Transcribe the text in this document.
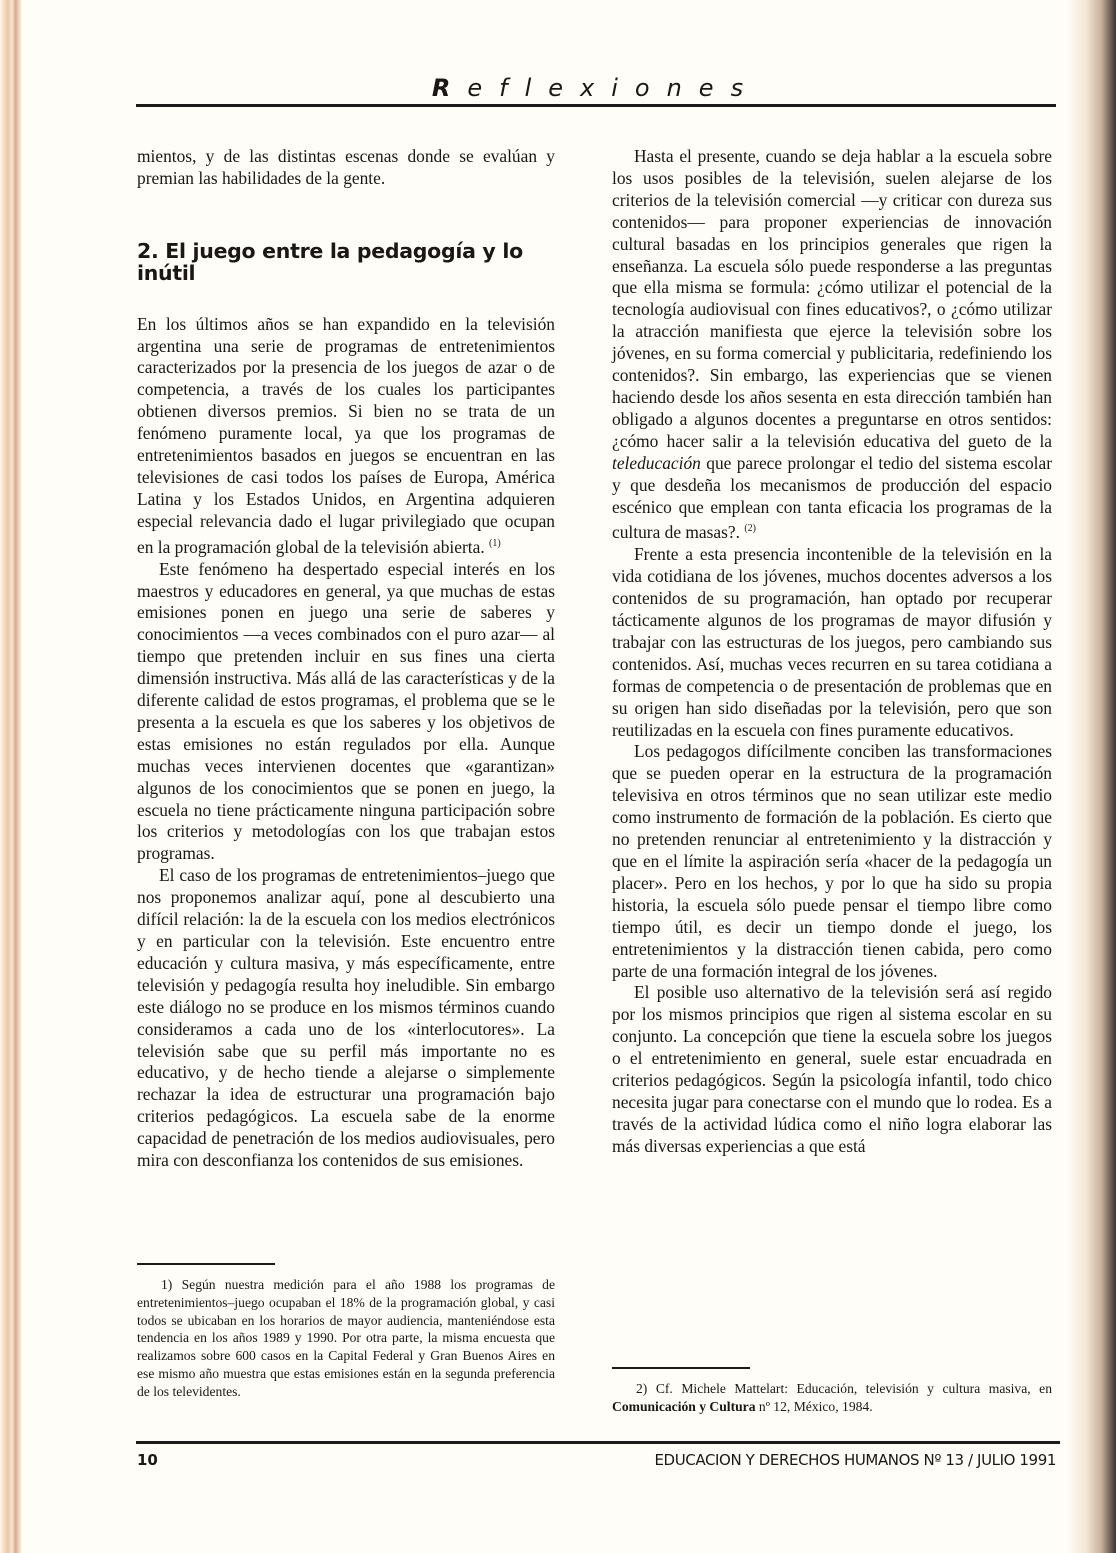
Reflexiones

mientos, y de las distintas escenas donde se evalúan y premian las habilidades de la gente.

2. El juego entre la pedagogía y lo inútil

En los últimos años se han expandido en la televisión argentina una serie de programas de entretenimientos caracterizados por la presencia de los juegos de azar o de competencia, a través de los cuales los participantes obtienen diversos premios. Si bien no se trata de un fenómeno puramente local, ya que los programas de entretenimientos basados en juegos se encuentran en las televisiones de casi todos los países de Europa, América Latina y los Estados Unidos, en Argentina adquieren especial relevancia dado el lugar privilegiado que ocupan en la programación global de la televisión abierta. $^{(1)}$

Este fenómeno ha despertado especial interés en los maestros y educadores en general, ya que muchas de estas emisiones ponen en juego una serie de saberes y conocimientos —a veces combinados con el puro azar— al tiempo que pretenden incluir en sus fines una cierta dimensión instructiva. Más allá de las características y de la diferente calidad de estos programas, el problema que se le presenta a la escuela es que los saberes y los objetivos de estas emisiones no están regulados por ella. Aunque muchas veces intervienen docentes que «garantizan» algunos de los conocimientos que se ponen en juego, la escuela no tiene prácticamente ninguna participación sobre los criterios y metodologías con los que trabajan estos programas.

El caso de los programas de entretenimientos–juego que nos proponemos analizar aquí, pone al descubierto una difícil relación: la de la escuela con los medios electrónicos y en particular con la televisión. Este encuentro entre educación y cultura masiva, y más específicamente, entre televisión y pedagogía resulta hoy ineludible. Sin embargo este diálogo no se produce en los mismos términos cuando consideramos a cada uno de los «interlocutores». La televisión sabe que su perfil más importante no es educativo, y de hecho tiende a alejarse o simplemente rechazar la idea de estructurar una programación bajo criterios pedagógicos. La escuela sabe de la enorme capacidad de penetración de los medios audiovisuales, pero mira con desconfianza los contenidos de sus emisiones.

Hasta el presente, cuando se deja hablar a la escuela sobre los usos posibles de la televisión, suelen alejarse de los criterios de la televisión comercial —y criticar con dureza sus contenidos— para proponer experiencias de innovación cultural basadas en los principios generales que rigen la enseñanza. La escuela sólo puede responderse a las preguntas que ella misma se formula: ¿cómo utilizar el potencial de la tecnología audiovisual con fines educativos?, o ¿cómo utilizar la atracción manifiesta que ejerce la televisión sobre los jóvenes, en su forma comercial y publicitaria, redefiniendo los contenidos?. Sin embargo, las experiencias que se vienen haciendo desde los años sesenta en esta dirección también han obligado a algunos docentes a preguntarse en otros sentidos: ¿cómo hacer salir a la televisión educativa del gueto de la teleducación que parece prolongar el tedio del sistema escolar y que desdeña los mecanismos de producción del espacio escénico que emplean con tanta eficacia los programas de la cultura de masas?. $^{(2)}$

Frente a esta presencia incontenible de la televisión en la vida cotidiana de los jóvenes, muchos docentes adversos a los contenidos de su programación, han optado por recuperar tácticamente algunos de los programas de mayor difusión y trabajar con las estructuras de los juegos, pero cambiando sus contenidos. Así, muchas veces recurren en su tarea cotidiana a formas de competencia o de presentación de problemas que en su origen han sido diseñadas por la televisión, pero que son reutilizadas en la escuela con fines puramente educativos.

Los pedagogos difícilmente conciben las transformaciones que se pueden operar en la estructura de la programación televisiva en otros términos que no sean utilizar este medio como instrumento de formación de la población. Es cierto que no pretenden renunciar al entretenimiento y la distracción y que en el límite la aspiración sería «hacer de la pedagogía un placer». Pero en los hechos, y por lo que ha sido su propia historia, la escuela sólo puede pensar el tiempo libre como tiempo útil, es decir un tiempo donde el juego, los entretenimientos y la distracción tienen cabida, pero como parte de una formación integral de los jóvenes.

El posible uso alternativo de la televisión será así regido por los mismos principios que rigen al sistema escolar en su conjunto. La concepción que tiene la escuela sobre los juegos o el entretenimiento en general, suele estar encuadrada en criterios pedagógicos. Según la psicología infantil, todo chico necesita jugar para conectarse con el mundo que lo rodea. Es a través de la actividad lúdica como el niño logra elaborar las más diversas experiencias a que está

1) Según nuestra medición para el año 1988 los programas de entretenimientos–juego ocupaban el 18% de la programación global, y casi todos se ubicaban en los horarios de mayor audiencia, manteniéndose esta tendencia en los años 1989 y 1990. Por otra parte, la misma encuesta que realizamos sobre 600 casos en la Capital Federal y Gran Buenos Aires en ese mismo año muestra que estas emisiones están en la segunda preferencia de los televidentes.	2) Cf. Michele Mattelart: Educación, televisión y cultura masiva, en Comunicación y Cultura nº 12, México, 1984.

10	EDUCACION Y DERECHOS HUMANOS Nº 13 / JULIO 1991
